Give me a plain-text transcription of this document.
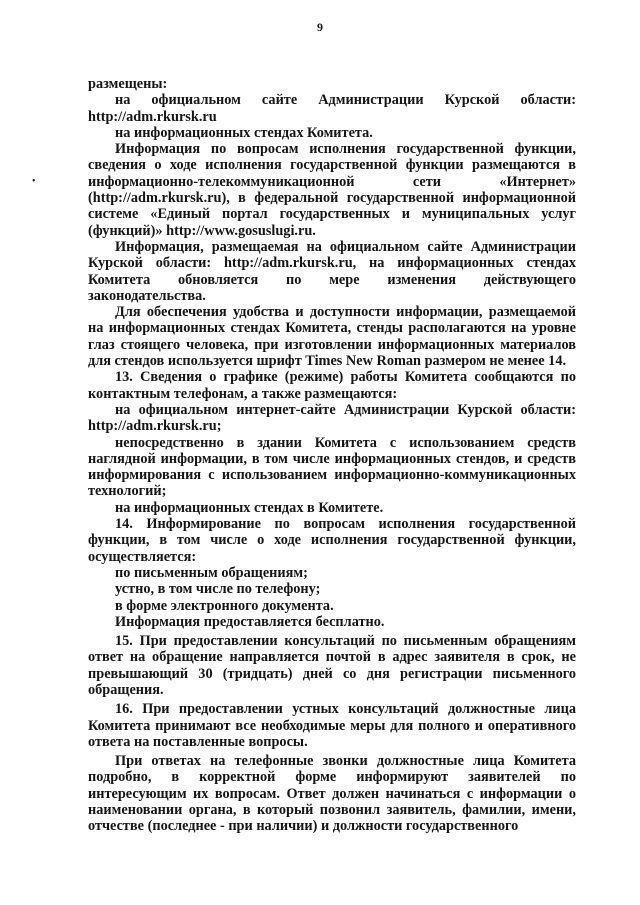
9
•

размещены:

на официальном сайте Администрации Курской области: http://adm.rkursk.ru

на информационных стендах Комитета.

Информация по вопросам исполнения государственной функции, сведения о ходе исполнения государственной функции размещаются в информационно-телекоммуникационной сети «Интернет» (http://adm.rkursk.ru), в федеральной государственной информационной системе «Единый портал государственных и муниципальных услуг (функций)» http://www.gosuslugi.ru.

Информация, размещаемая на официальном сайте Администрации Курской области: http://adm.rkursk.ru, на информационных стендах Комитета обновляется по мере изменения действующего законодательства.

Для обеспечения удобства и доступности информации, размещаемой на информационных стендах Комитета, стенды располагаются на уровне глаз стоящего человека, при изготовлении информационных материалов для стендов используется шрифт Times New Roman размером не менее 14.

13. Сведения о графике (режиме) работы Комитета сообщаются по контактным телефонам, а также размещаются:

на официальном интернет-сайте Администрации Курской области: http://adm.rkursk.ru;

непосредственно в здании Комитета с использованием средств наглядной информации, в том числе информационных стендов, и средств информирования с использованием информационно-коммуникационных технологий;

на информационных стендах в Комитете.

14. Информирование по вопросам исполнения государственной функции, в том числе о ходе исполнения государственной функции, осуществляется:

по письменным обращениям;

устно, в том числе по телефону;

в форме электронного документа.

Информация предоставляется бесплатно.

15. При предоставлении консультаций по письменным обращениям ответ на обращение направляется почтой в адрес заявителя в срок, не превышающий 30 (тридцать) дней со дня регистрации письменного обращения.

16. При предоставлении устных консультаций должностные лица Комитета принимают все необходимые меры для полного и оперативного ответа на поставленные вопросы.

При ответах на телефонные звонки должностные лица Комитета подробно, в корректной форме информируют заявителей по интересующим их вопросам. Ответ должен начинаться с информации о наименовании органа, в который позвонил заявитель, фамилии, имени, отчестве (последнее - при наличии) и должности государственного
